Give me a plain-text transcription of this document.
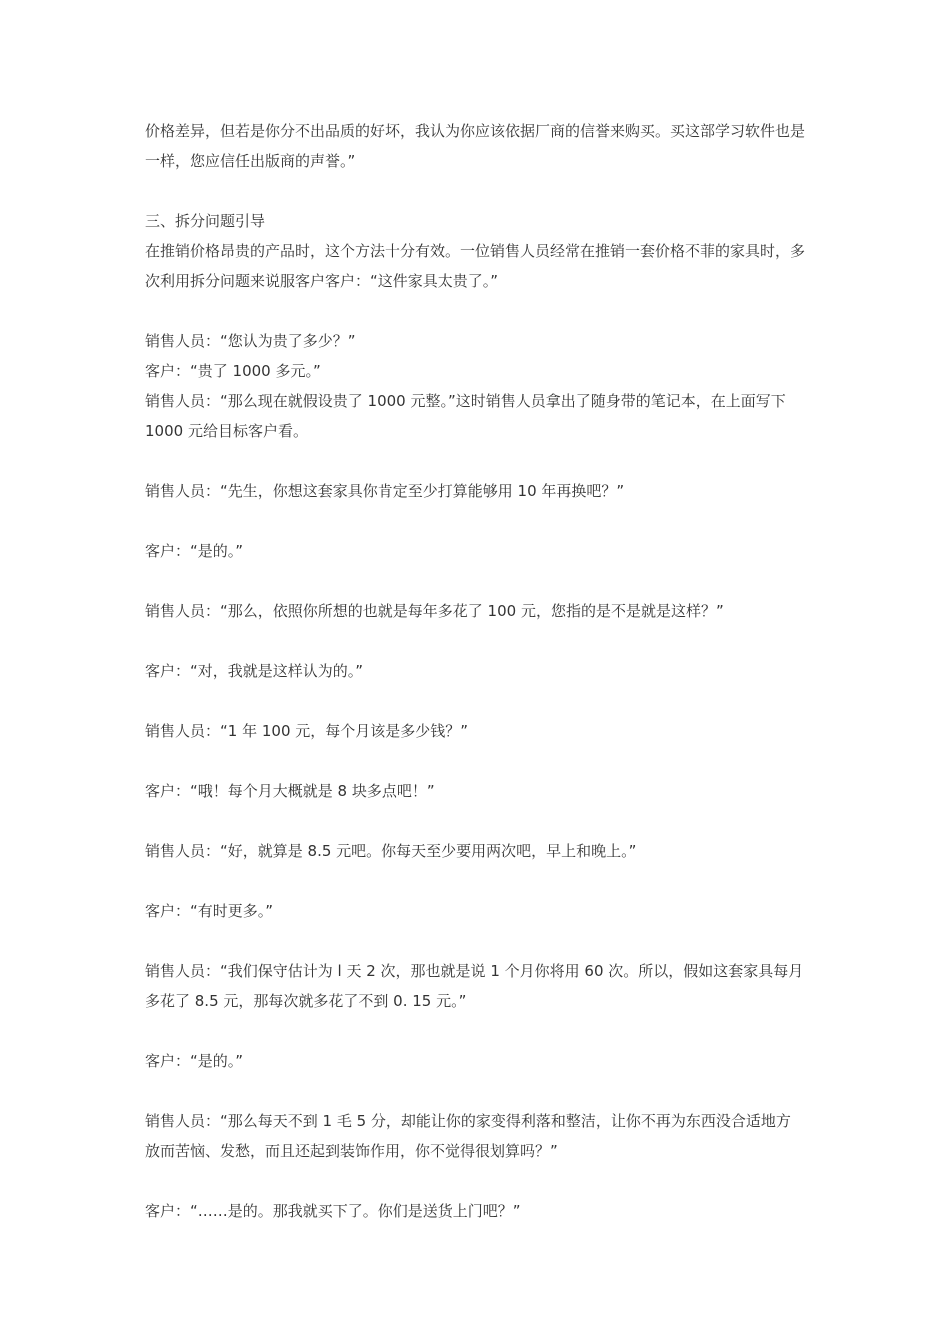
价格差异，但若是你分不出品质的好坏，我认为你应该依据厂商的信誉来购买。买这部学习软件也是一样，您应信任出版商的声誉。”

三、拆分问题引导

在推销价格昂贵的产品时，这个方法十分有效。一位销售人员经常在推销一套价格不菲的家具时，多次利用拆分问题来说服客户客户：“这件家具太贵了。”

销售人员：“您认为贵了多少？”

客户：“贵了 1000 多元。”

销售人员：“那么现在就假设贵了 1000 元整。”这时销售人员拿出了随身带的笔记本，在上面写下 1000 元给目标客户看。

销售人员：“先生，你想这套家具你肯定至少打算能够用 10 年再换吧？”

客户：“是的。”

销售人员：“那么，依照你所想的也就是每年多花了 100 元，您指的是不是就是这样？”

客户：“对，我就是这样认为的。”

销售人员：“1 年 100 元，每个月该是多少钱？”

客户：“哦！每个月大概就是 8 块多点吧！”

销售人员：“好，就算是 8.5 元吧。你每天至少要用两次吧，早上和晚上。”

客户：“有时更多。”

销售人员：“我们保守估计为 l 天 2 次，那也就是说 1 个月你将用 60 次。所以，假如这套家具每月多花了 8.5 元，那每次就多花了不到 0. 15 元。”

客户：“是的。”

销售人员：“那么每天不到 1 毛 5 分，却能让你的家变得利落和整洁，让你不再为东西没合适地方放而苦恼、发愁，而且还起到装饰作用，你不觉得很划算吗？”

客户：“……是的。那我就买下了。你们是送货上门吧？”
